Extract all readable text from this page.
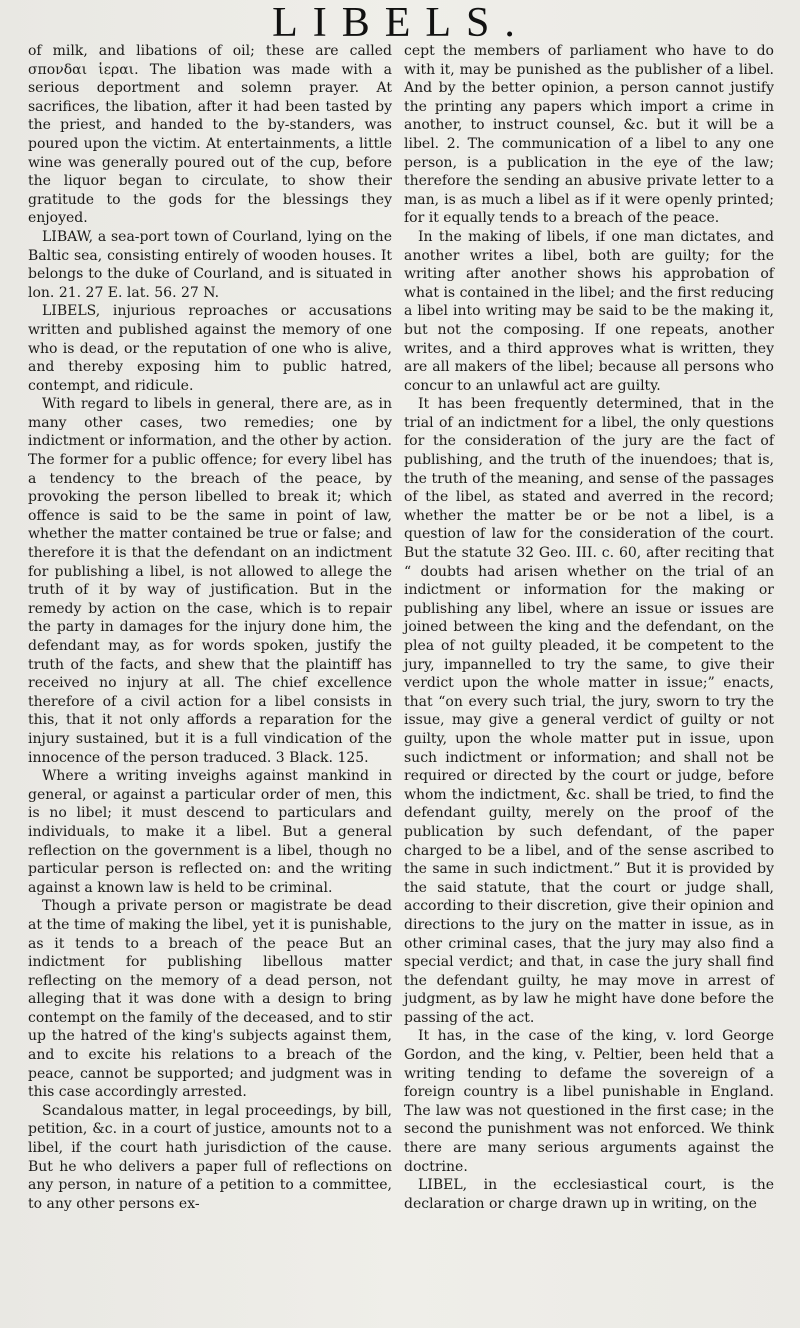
LIBELS.

of milk, and libations of oil; these are called σπονδαι ἱεραι. The libation was made with a serious deportment and solemn prayer. At sacrifices, the libation, after it had been tasted by the priest, and handed to the by-standers, was poured upon the victim. At entertainments, a little wine was generally poured out of the cup, before the liquor began to circulate, to show their gratitude to the gods for the blessings they enjoyed.

LIBAW, a sea-port town of Courland, lying on the Baltic sea, consisting entirely of wooden houses. It belongs to the duke of Courland, and is situated in lon. 21. 27 E. lat. 56. 27 N.

LIBELS, injurious reproaches or accusations written and published against the memory of one who is dead, or the reputation of one who is alive, and thereby exposing him to public hatred, contempt, and ridicule.

With regard to libels in general, there are, as in many other cases, two remedies; one by indictment or information, and the other by action. The former for a public offence; for every libel has a tendency to the breach of the peace, by provoking the person libelled to break it; which offence is said to be the same in point of law, whether the matter contained be true or false; and therefore it is that the defendant on an indictment for publishing a libel, is not allowed to allege the truth of it by way of justification. But in the remedy by action on the case, which is to repair the party in damages for the injury done him, the defendant may, as for words spoken, justify the truth of the facts, and shew that the plaintiff has received no injury at all. The chief excellence therefore of a civil action for a libel consists in this, that it not only affords a reparation for the injury sustained, but it is a full vindication of the innocence of the person traduced. 3 Black. 125.

Where a writing inveighs against mankind in general, or against a particular order of men, this is no libel; it must descend to particulars and individuals, to make it a libel. But a general reflection on the government is a libel, though no particular person is reflected on: and the writing against a known law is held to be criminal.

Though a private person or magistrate be dead at the time of making the libel, yet it is punishable, as it tends to a breach of the peace But an indictment for publishing libellous matter reflecting on the memory of a dead person, not alleging that it was done with a design to bring contempt on the family of the deceased, and to stir up the hatred of the king's subjects against them, and to excite his relations to a breach of the peace, cannot be supported; and judgment was in this case accordingly arrested.

Scandalous matter, in legal proceedings, by bill, petition, &c. in a court of justice, amounts not to a libel, if the court hath jurisdiction of the cause. But he who delivers a paper full of reflections on any person, in nature of a petition to a committee, to any other persons ex-

cept the members of parliament who have to do with it, may be punished as the publisher of a libel. And by the better opinion, a person cannot justify the printing any papers which import a crime in another, to instruct counsel, &c. but it will be a libel. 2. The communication of a libel to any one person, is a publication in the eye of the law; therefore the sending an abusive private letter to a man, is as much a libel as if it were openly printed; for it equally tends to a breach of the peace.

In the making of libels, if one man dictates, and another writes a libel, both are guilty; for the writing after another shows his approbation of what is contained in the libel; and the first reducing a libel into writing may be said to be the making it, but not the composing. If one repeats, another writes, and a third approves what is written, they are all makers of the libel; because all persons who concur to an unlawful act are guilty.

It has been frequently determined, that in the trial of an indictment for a libel, the only questions for the consideration of the jury are the fact of publishing, and the truth of the inuendoes; that is, the truth of the meaning, and sense of the passages of the libel, as stated and averred in the record; whether the matter be or be not a libel, is a question of law for the consideration of the court. But the statute 32 Geo. III. c. 60, after reciting that “ doubts had arisen whether on the trial of an indictment or information for the making or publishing any libel, where an issue or issues are joined between the king and the defendant, on the plea of not guilty pleaded, it be competent to the jury, impannelled to try the same, to give their verdict upon the whole matter in issue;” enacts, that “on every such trial, the jury, sworn to try the issue, may give a general verdict of guilty or not guilty, upon the whole matter put in issue, upon such indictment or information; and shall not be required or directed by the court or judge, before whom the indictment, &c. shall be tried, to find the defendant guilty, merely on the proof of the publication by such defendant, of the paper charged to be a libel, and of the sense ascribed to the same in such indictment.” But it is provided by the said statute, that the court or judge shall, according to their discretion, give their opinion and directions to the jury on the matter in issue, as in other criminal cases, that the jury may also find a special verdict; and that, in case the jury shall find the defendant guilty, he may move in arrest of judgment, as by law he might have done before the passing of the act.

It has, in the case of the king, v. lord George Gordon, and the king, v. Peltier, been held that a writing tending to defame the sovereign of a foreign country is a libel punishable in England. The law was not questioned in the first case; in the second the punishment was not enforced. We think there are many serious arguments against the doctrine.

LIBEL, in the ecclesiastical court, is the declaration or charge drawn up in writing, on the
